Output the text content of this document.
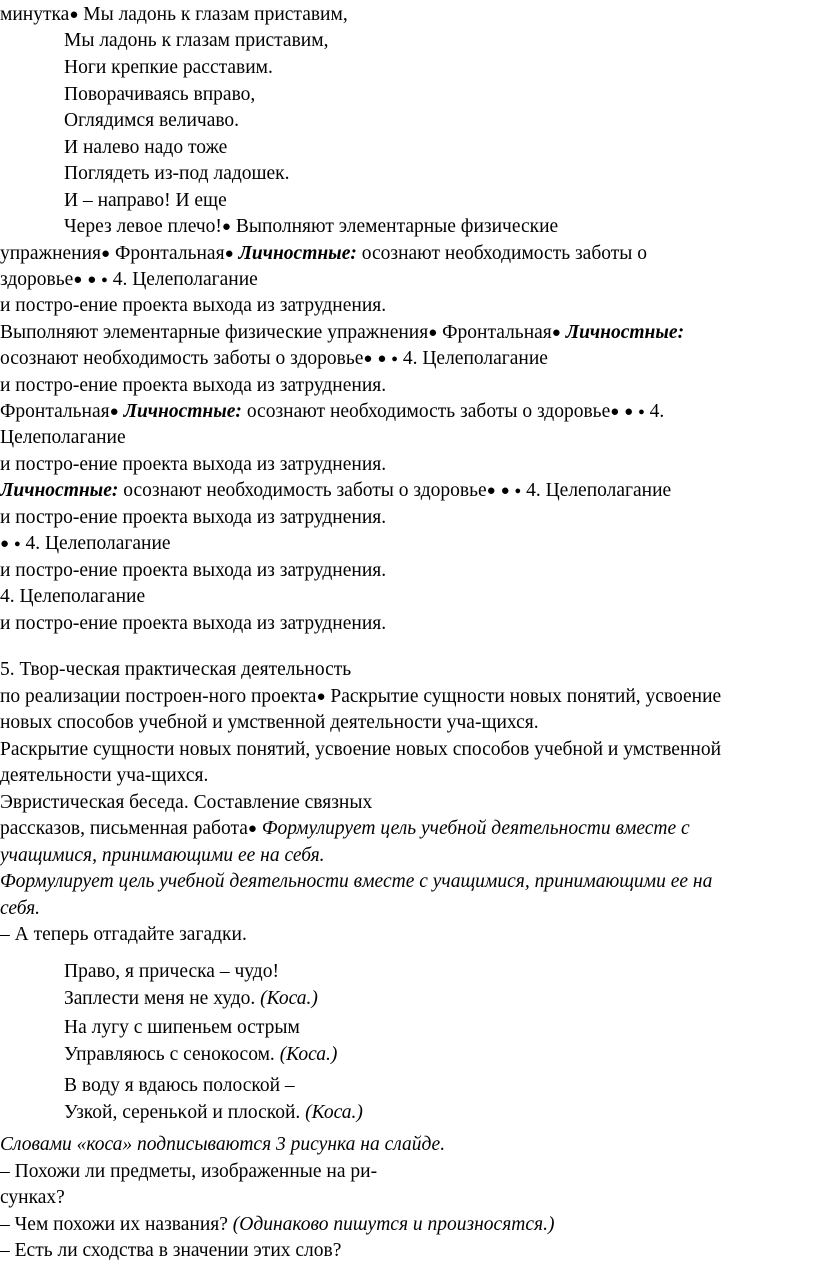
минутка● Мы ладонь к глазам приставим,
Мы ладонь к глазам приставим,
Ноги крепкие расставим.
Поворачиваясь вправо,
Оглядимся величаво.
И налево надо тоже
Поглядеть из-под ладошек.
И – направо! И еще
Через левое плечо!● Выполняют элементарные физические
упражнения● Фронтальная● Личностные: осознают необходимость заботы о
здоровье● ● ● 4. Целеполагание
и постро-ение проекта выхода из затруднения.
Выполняют элементарные физические упражнения● Фронтальная● Личностные:
осознают необходимость заботы о здоровье● ● ● 4. Целеполагание
и постро-ение проекта выхода из затруднения.
Фронтальная● Личностные: осознают необходимость заботы о здоровье● ● ● 4.
Целеполагание
и постро-ение проекта выхода из затруднения.
Личностные: осознают необходимость заботы о здоровье● ● ● 4. Целеполагание
и постро-ение проекта выхода из затруднения.
● ● 4. Целеполагание
и постро-ение проекта выхода из затруднения.
4. Целеполагание
и постро-ение проекта выхода из затруднения.
5. Твор-ческая практическая деятельность
по реализации построен-ного проекта● Раскрытие сущности новых понятий, усвоение
новых способов учебной и умственной деятельности уча-щихся.
Раскрытие сущности новых понятий, усвоение новых способов учебной и умственной
деятельности уча-щихся.
Эвристическая беседа. Составление связных
рассказов, письменная работа● Формулирует цель учебной деятельности вместе с
учащимися, принимающими ее на себя.
Формулирует цель учебной деятельности вместе с учащимися, принимающими ее на
себя.
– А теперь отгадайте загадки.
Право, я прическа – чудо!
Заплести меня не худо. (Коса.)
На лугу с шипеньем острым
Управляюсь с сенокосом. (Коса.)
В воду я вдаюсь полоской –
Узкой, сереньκой и плоской. (Коса.)
Словами «коса» подписываются 3 рисунка на слайде.
– Похожи ли предметы, изображенные на ри-
сунках?
– Чем похожи их названия? (Одинаково пишутся и произносятся.)
– Есть ли сходства в значении этих слов?
